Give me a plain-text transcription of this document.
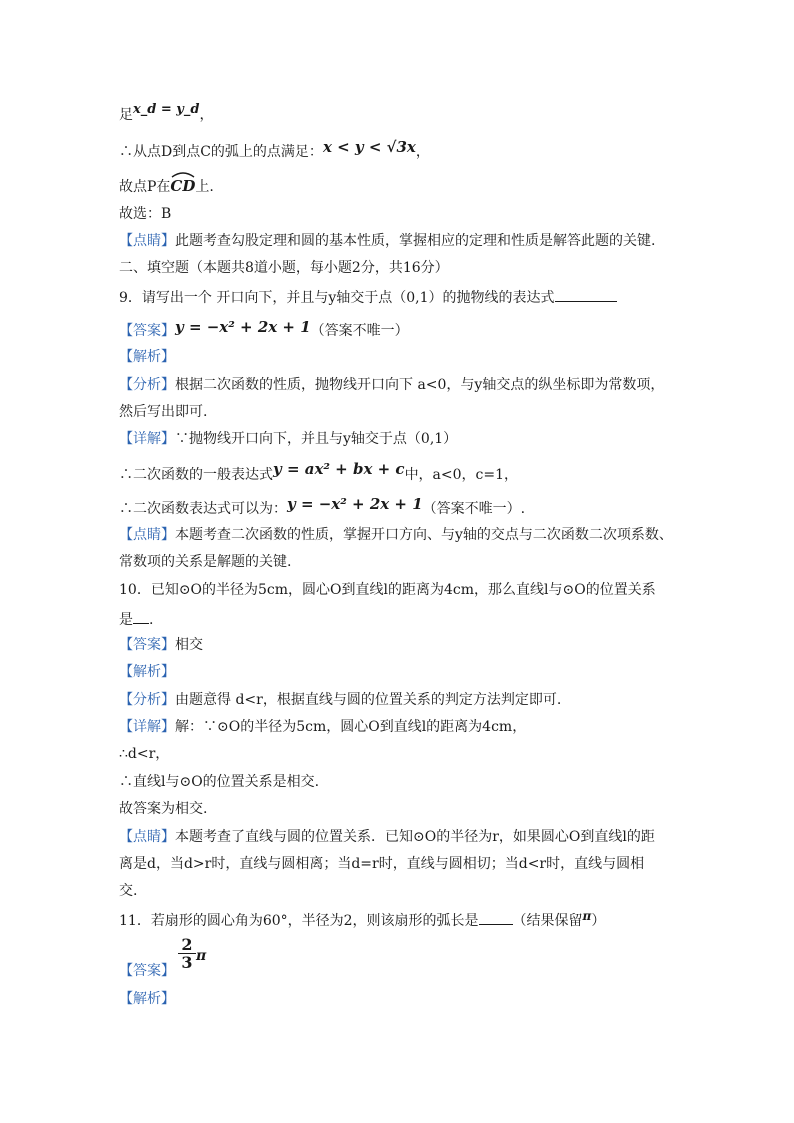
足x_d = y_d，
∴从点D到点C的弧上的点满足：x < y < √3x，
故点P在
CD上.
故选：B
【点睛】此题考查勾股定理和圆的基本性质，掌握相应的定理和性质是解答此题的关键.
二、填空题（本题共8道小题，每小题2分，共16分）
9．请写出一个 开口向下，并且与y轴交于点（0,1）的抛物线的表达式
【答案】y = −x² + 2x + 1（答案不唯一）
【解析】
【分析】根据二次函数的性质，抛物线开口向下 a<0，与y轴交点的纵坐标即为常数项，
然后写出即可.
【详解】∵抛物线开口向下，并且与y轴交于点（0,1）
∴二次函数的一般表达式y = ax² + bx + c中，a<0，c=1，
∴二次函数表达式可以为：y = −x² + 2x + 1（答案不唯一）.
【点睛】本题考查二次函数的性质，掌握开口方向、与y轴的交点与二次函数二次项系数、
常数项的关系是解题的关键.
10．已知⊙O的半径为5cm，圆心O到直线l的距离为4cm，那么直线l与⊙O的位置关系
是 .
【答案】相交
【解析】
【分析】由题意得 d<r，根据直线与圆的位置关系的判定方法判定即可.
【详解】解：∵⊙O的半径为5cm，圆心O到直线l的距离为4cm，
∴d<r，
∴直线l与⊙O的位置关系是相交.
故答案为相交.
【点睛】本题考查了直线与圆的位置关系．已知⊙O的半径为r，如果圆心O到直线l的距
离是d，当d>r时，直线与圆相离；当d=r时，直线与圆相切；当d<r时，直线与圆相
交.
11．若扇形的圆心角为60°，半径为2，则该扇形的弧长是 （结果保留π）
【答案】
2
3 π
【解析】
